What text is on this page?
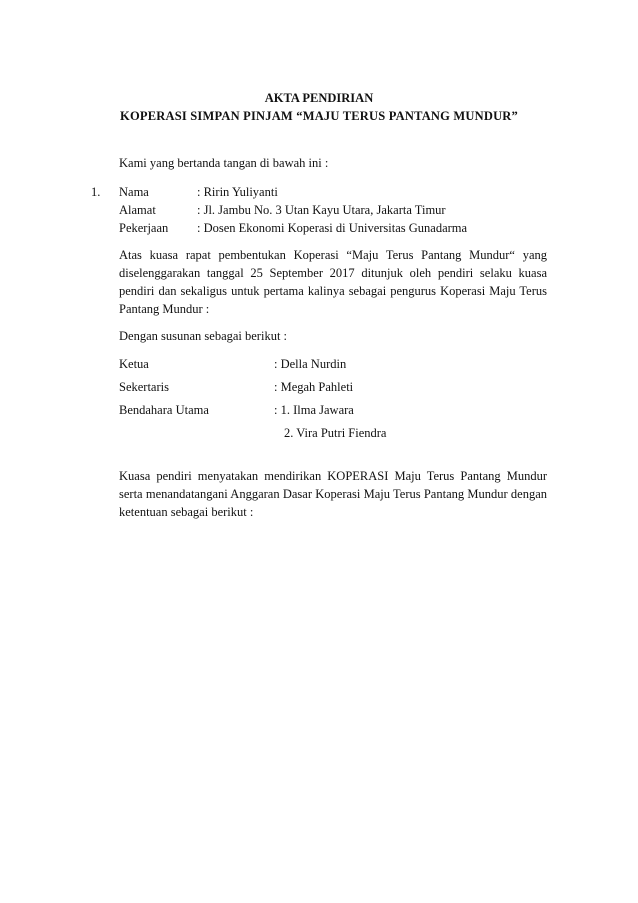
AKTA PENDIRIAN
KOPERASI SIMPAN PINJAM “MAJU TERUS PANTANG MUNDUR”
Kami yang bertanda tangan di bawah ini :
1. Nama	: Ririn Yuliyanti
Alamat	: Jl. Jambu No. 3 Utan Kayu Utara, Jakarta Timur
Pekerjaan : Dosen Ekonomi Koperasi di Universitas Gunadarma
Atas kuasa rapat pembentukan Koperasi “Maju Terus Pantang Mundur“ yang diselenggarakan tanggal 25 September 2017 ditunjuk oleh pendiri selaku kuasa pendiri dan sekaligus untuk pertama kalinya sebagai pengurus Koperasi Maju Terus Pantang Mundur :
Dengan susunan sebagai berikut :
Ketua	: Della Nurdin
Sekertaris	: Megah Pahleti
Bendahara Utama	: 1. Ilma Jawara
2. Vira Putri Fiendra
Kuasa pendiri menyatakan mendirikan KOPERASI Maju Terus Pantang Mundur serta menandatangani Anggaran Dasar Koperasi Maju Terus Pantang Mundur dengan ketentuan sebagai berikut :
